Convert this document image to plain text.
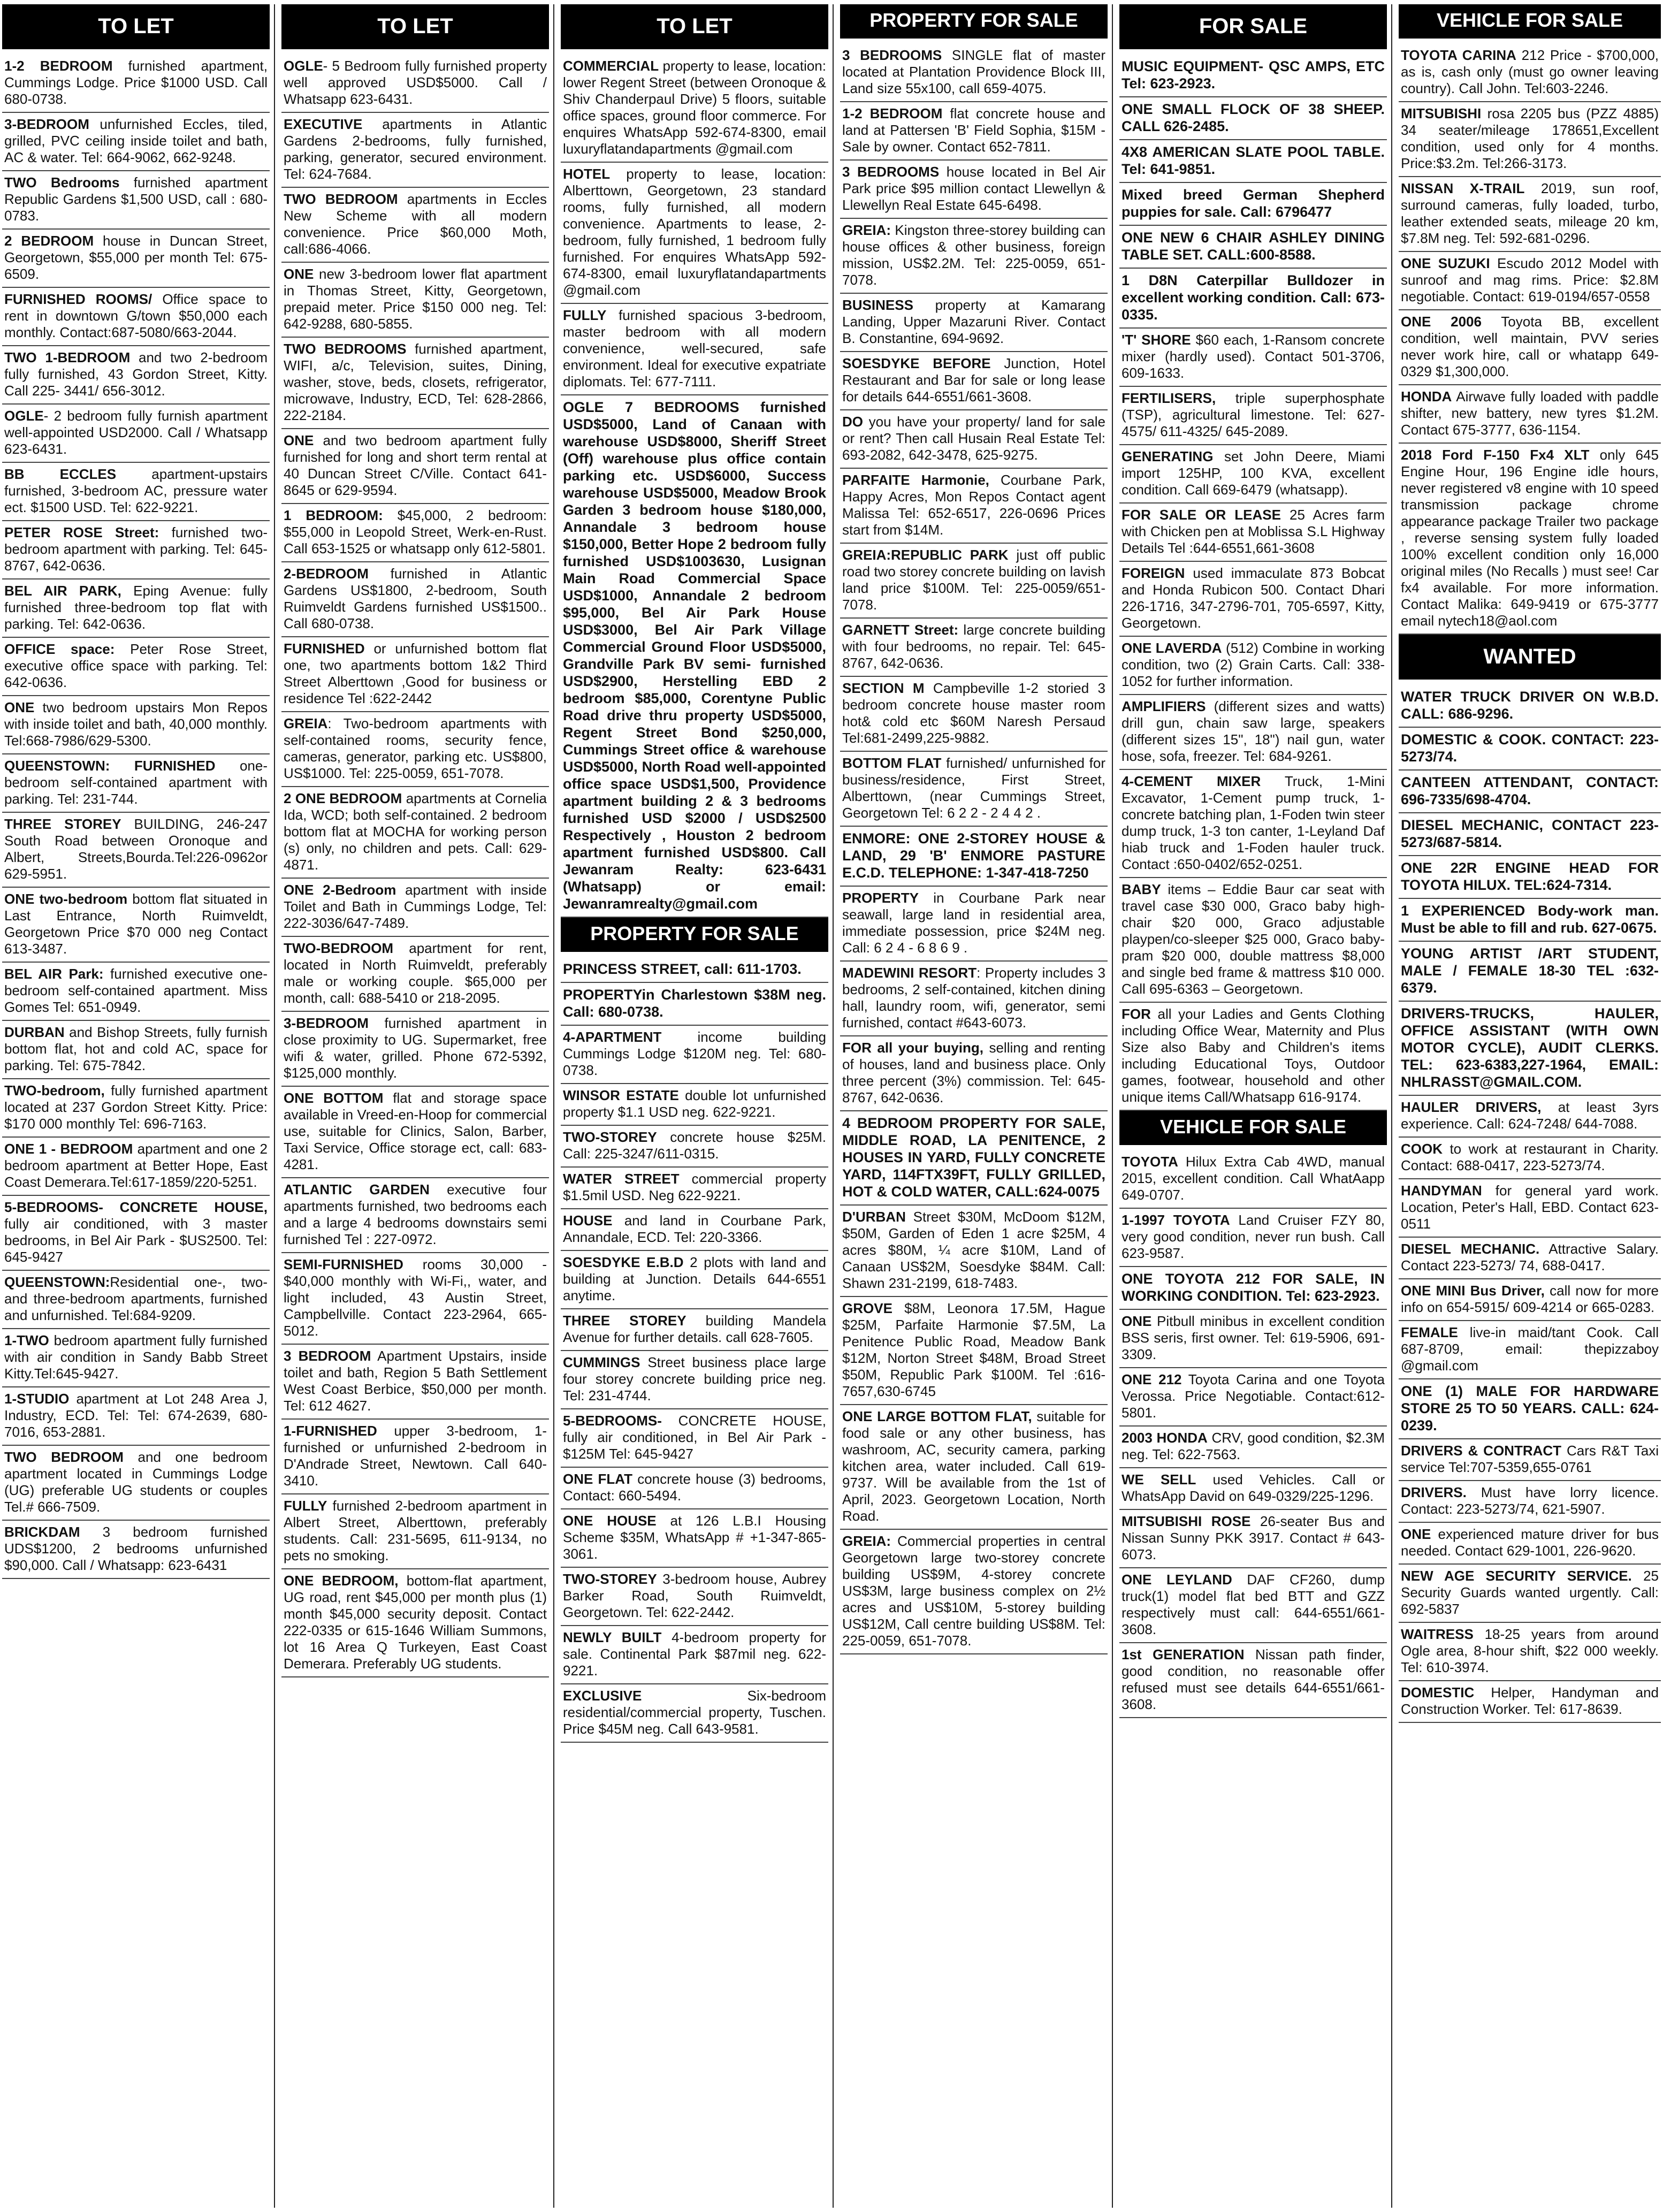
TO LET
1-2 BEDROOM furnished apartment, Cummings Lodge. Price $1000 USD. Call 680-0738.
3-BEDROOM unfurnished Eccles, tiled, grilled, PVC ceiling inside toilet and bath, AC & water. Tel: 664-9062, 662-9248.
TWO Bedrooms furnished apartment Republic Gardens $1,500 USD, call : 680-0783.
2 BEDROOM house in Duncan Street, Georgetown, $55,000 per month Tel: 675-6509.
FURNISHED ROOMS/ Office space to rent in downtown G/town $50,000 each monthly. Contact:687-5080/663-2044.
TWO 1-BEDROOM and two 2-bedroom fully furnished, 43 Gordon Street, Kitty. Call 225- 3441/ 656-3012.
OGLE- 2 bedroom fully furnish apartment well-appointed USD2000. Call / Whatsapp 623-6431.
BB ECCLES apartment-upstairs furnished, 3-bedroom AC, pressure water ect. $1500 USD. Tel: 622-9221.
PETER ROSE Street: furnished two-bedroom apartment with parking. Tel: 645-8767, 642-0636.
BEL AIR PARK, Eping Avenue: fully furnished three-bedroom top flat with parking. Tel: 642-0636.
OFFICE space: Peter Rose Street, executive office space with parking. Tel: 642-0636.
ONE two bedroom upstairs Mon Repos with inside toilet and bath, 40,000 monthly. Tel:668-7986/629-5300.
QUEENSTOWN: FURNISHED one-bedroom self-contained apartment with parking. Tel: 231-744.
THREE STOREY BUILDING, 246-247 South Road between Oronoque and Albert, Streets,Bourda.Tel:226-0962or 629-5951.
ONE two-bedroom bottom flat situated in Last Entrance, North Ruimveldt, Georgetown Price $70 000 neg Contact 613-3487.
BEL AIR Park: furnished executive one-bedroom self-contained apartment. Miss Gomes Tel: 651-0949.
DURBAN and Bishop Streets, fully furnish bottom flat, hot and cold AC, space for parking. Tel: 675-7842.
TWO-bedroom, fully furnished apartment located at 237 Gordon Street Kitty. Price: $170 000 monthly Tel: 696-7163.
ONE 1 - BEDROOM apartment and one 2 bedroom apartment at Better Hope, East Coast Demerara.Tel:617-1859/220-5251.
5-BEDROOMS- CONCRETE HOUSE, fully air conditioned, with 3 master bedrooms, in Bel Air Park - $US2500. Tel: 645-9427
QUEENSTOWN:Residential one-, two- and three-bedroom apartments, furnished and unfurnished. Tel:684-9209.
1-TWO bedroom apartment fully furnished with air condition in Sandy Babb Street Kitty.Tel:645-9427.
1-STUDIO apartment at Lot 248 Area J, Industry, ECD. Tel: Tel: 674-2639, 680-7016, 653-2881.
TWO BEDROOM and one bedroom apartment located in Cummings Lodge (UG) preferable UG students or couples Tel.# 666-7509.
BRICKDAM 3 bedroom furnished UDS$1200, 2 bedrooms unfurnished $90,000. Call / Whatsapp: 623-6431
TO LET
OGLE- 5 Bedroom fully furnished property well approved USD$5000. Call / Whatsapp 623-6431.
EXECUTIVE apartments in Atlantic Gardens 2-bedrooms, fully furnished, parking, generator, secured environment. Tel: 624-7684.
TWO BEDROOM apartments in Eccles New Scheme with all modern convenience. Price $60,000 Moth, call:686-4066.
ONE new 3-bedroom lower flat apartment in Thomas Street, Kitty, Georgetown, prepaid meter. Price $150 000 neg. Tel: 642-9288, 680-5855.
TWO BEDROOMS furnished apartment, WIFI, a/c, Television, suites, Dining, washer, stove, beds, closets, refrigerator, microwave, Industry, ECD, Tel: 628-2866, 222-2184.
ONE and two bedroom apartment fully furnished for long and short term rental at 40 Duncan Street C/Ville. Contact 641-8645 or 629-9594.
1 BEDROOM: $45,000, 2 bedroom: $55,000 in Leopold Street, Werk-en-Rust. Call 653-1525 or whatsapp only 612-5801.
2-BEDROOM furnished in Atlantic Gardens US$1800, 2-bedroom, South Ruimveldt Gardens furnished US$1500.. Call 680-0738.
FURNISHED or unfurnished bottom flat one, two apartments bottom 1&2 Third Street Alberttown ,Good for business or residence Tel :622-2442
GREIA: Two-bedroom apartments with self-contained rooms, security fence, cameras, generator, parking etc. US$800, US$1000. Tel: 225-0059, 651-7078.
2 ONE BEDROOM apartments at Cornelia Ida, WCD; both self-contained. 2 bedroom bottom flat at MOCHA for working person (s) only, no children and pets. Call: 629-4871.
ONE 2-Bedroom apartment with inside Toilet and Bath in Cummings Lodge, Tel: 222-3036/647-7489.
TWO-BEDROOM apartment for rent, located in North Ruimveldt, preferably male or working couple. $65,000 per month, call: 688-5410 or 218-2095.
3-BEDROOM furnished apartment in close proximity to UG. Supermarket, free wifi & water, grilled. Phone 672-5392, $125,000 monthly.
ONE BOTTOM flat and storage space available in Vreed-en-Hoop for commercial use, suitable for Clinics, Salon, Barber, Taxi Service, Office storage ect, call: 683-4281.
ATLANTIC GARDEN executive four apartments furnished, two bedrooms each and a large 4 bedrooms downstairs semi furnished Tel : 227-0972.
SEMI-FURNISHED rooms 30,000 - $40,000 monthly with Wi-Fi,, water, and light included, 43 Austin Street, Campbellville. Contact 223-2964, 665-5012.
3 BEDROOM Apartment Upstairs, inside toilet and bath, Region 5 Bath Settlement West Coast Berbice, $50,000 per month. Tel: 612 4627.
1-FURNISHED upper 3-bedroom, 1-furnished or unfurnished 2-bedroom in D'Andrade Street, Newtown. Call 640-3410.
FULLY furnished 2-bedroom apartment in Albert Street, Alberttown, preferably students. Call: 231-5695, 611-9134, no pets no smoking.
ONE BEDROOM, bottom-flat apartment, UG road, rent $45,000 per month plus (1) month $45,000 security deposit. Contact 222-0335 or 615-1646 William Summons, lot 16 Area Q Turkeyen, East Coast Demerara. Preferably UG students.
TO LET
COMMERCIAL property to lease, location: lower Regent Street (between Oronoque & Shiv Chanderpaul Drive) 5 floors, suitable office spaces, ground floor commerce. For enquires WhatsApp 592-674-8300, email luxuryflatandapartments @gmail.com
HOTEL property to lease, location: Alberttown, Georgetown, 23 standard rooms, fully furnished, all modern convenience. Apartments to lease, 2-bedroom, fully furnished, 1 bedroom fully furnished. For enquires WhatsApp 592-674-8300, email luxuryflatandapartments @gmail.com
FULLY furnished spacious 3-bedroom, master bedroom with all modern convenience, well-secured, safe environment. Ideal for executive expatriate diplomats. Tel: 677-7111.
OGLE 7 BEDROOMS furnished USD$5000, Land of Canaan with warehouse USD$8000, Sheriff Street (Off) warehouse plus office contain parking etc. USD$6000, Success warehouse USD$5000, Meadow Brook Garden 3 bedroom house $180,000, Annandale 3 bedroom house $150,000, Better Hope 2 bedroom fully furnished USD$1003630, Lusignan Main Road Commercial Space USD$1000, Annandale 2 bedroom $95,000, Bel Air Park House USD$3000, Bel Air Park Village Commercial Ground Floor USD$5000, Grandville Park BV semi- furnished USD$2900, Herstelling EBD 2 bedroom $85,000, Corentyne Public Road drive thru property USD$5000, Regent Street Bond $250,000, Cummings Street office & warehouse USD$5000, North Road well-appointed office space USD$1,500, Providence apartment building 2 & 3 bedrooms furnished USD $2000 / USD$2500 Respectively , Houston 2 bedroom apartment furnished USD$800. Call Jewanram Realty: 623-6431 (Whatsapp) or email: Jewanramrealty@gmail.com
PROPERTY FOR SALE
PRINCESS STREET, call: 611-1703.
PROPERTYin Charlestown $38M neg. Call: 680-0738.
4-APARTMENT income building Cummings Lodge $120M neg. Tel: 680-0738.
WINSOR ESTATE double lot unfurnished property $1.1 USD neg. 622-9221.
TWO-STOREY concrete house $25M. Call: 225-3247/611-0315.
WATER STREET commercial property $1.5mil USD. Neg 622-9221.
HOUSE and land in Courbane Park, Annandale, ECD. Tel: 220-3366.
SOESDYKE E.B.D 2 plots with land and building at Junction. Details 644-6551 anytime.
THREE STOREY building Mandela Avenue for further details. call 628-7605.
CUMMINGS Street business place large four storey concrete building price neg. Tel: 231-4744.
5-BEDROOMS- CONCRETE HOUSE, fully air conditioned, in Bel Air Park - $125M Tel: 645-9427
ONE FLAT concrete house (3) bedrooms, Contact: 660-5494.
ONE HOUSE at 126 L.B.I Housing Scheme $35M, WhatsApp # +1-347-865-3061.
TWO-STOREY 3-bedroom house, Aubrey Barker Road, South Ruimveldt, Georgetown. Tel: 622-2442.
NEWLY BUILT 4-bedroom property for sale. Continental Park $87mil neg. 622-9221.
EXCLUSIVE Six-bedroom residential/commercial property, Tuschen. Price $45M neg. Call 643-9581.
PROPERTY FOR SALE
3 BEDROOMS SINGLE flat of master located at Plantation Providence Block III, Land size 55x100, call 659-4075.
1-2 BEDROOM flat concrete house and land at Pattersen 'B' Field Sophia, $15M - Sale by owner. Contact 652-7811.
3 BEDROOMS house located in Bel Air Park price $95 million contact Llewellyn & Llewellyn Real Estate 645-6498.
GREIA: Kingston three-storey building can house offices & other business, foreign mission, US$2.2M. Tel: 225-0059, 651-7078.
BUSINESS property at Kamarang Landing, Upper Mazaruni River. Contact B. Constantine, 694-9692.
SOESDYKE BEFORE Junction, Hotel Restaurant and Bar for sale or long lease for details 644-6551/661-3608.
DO you have your property/ land for sale or rent? Then call Husain Real Estate Tel: 693-2082, 642-3478, 625-9275.
PARFAITE Harmonie, Courbane Park, Happy Acres, Mon Repos Contact agent Malissa Tel: 652-6517, 226-0696 Prices start from $14M.
GREIA:REPUBLIC PARK just off public road two storey concrete building on lavish land price $100M. Tel: 225-0059/651-7078.
GARNETT Street: large concrete building with four bedrooms, no repair. Tel: 645-8767, 642-0636.
SECTION M Campbeville 1-2 storied 3 bedroom concrete house master room hot& cold etc $60M Naresh Persaud Tel:681-2499,225-9882.
BOTTOM FLAT furnished/ unfurnished for business/residence, First Street, Alberttown, (near Cummings Street, Georgetown Tel: 6 2 2 - 2 4 4 2 .
ENMORE: ONE 2-STOREY HOUSE & LAND, 29 'B' ENMORE PASTURE E.C.D. TELEPHONE: 1-347-418-7250
PROPERTY in Courbane Park near seawall, large land in residential area, immediate possession, price $24M neg. Call: 6 2 4 - 6 8 6 9 .
MADEWINI RESORT: Property includes 3 bedrooms, 2 self-contained, kitchen dining hall, laundry room, wifi, generator, semi furnished, contact #643-6073.
FOR all your buying, selling and renting of houses, land and business place. Only three percent (3%) commission. Tel: 645-8767, 642-0636.
4 BEDROOM PROPERTY FOR SALE, MIDDLE ROAD, LA PENITENCE, 2 HOUSES IN YARD, FULLY CONCRETE YARD, 114FTX39FT, FULLY GRILLED, HOT & COLD WATER, CALL:624-0075
D'URBAN Street $30M, McDoom $12M, $50M, Garden of Eden 1 acre $25M, 4 acres $80M, ¼ acre $10M, Land of Canaan US$2M, Soesdyke $84M. Call: Shawn 231-2199, 618-7483.
GROVE $8M, Leonora 17.5M, Hague $25M, Parfaite Harmonie $7.5M, La Penitence Public Road, Meadow Bank $12M, Norton Street $48M, Broad Street $50M, Republic Park $100M. Tel :616-7657,630-6745
ONE LARGE BOTTOM FLAT, suitable for food sale or any other business, has washroom, AC, security camera, parking kitchen area, water included. Call 619-9737. Will be available from the 1st of April, 2023. Georgetown Location, North Road.
GREIA: Commercial properties in central Georgetown large two-storey concrete building US$9M, 4-storey concrete US$3M, large business complex on 2½ acres and US$10M, 5-storey building US$12M, Call centre building US$8M. Tel: 225-0059, 651-7078.
FOR SALE
MUSIC EQUIPMENT- QSC AMPS, ETC Tel: 623-2923.
ONE SMALL FLOCK OF 38 SHEEP. CALL 626-2485.
4X8 AMERICAN SLATE POOL TABLE. Tel: 641-9851.
Mixed breed German Shepherd puppies for sale. Call: 6796477
ONE NEW 6 CHAIR ASHLEY DINING TABLE SET. CALL:600-8588.
1 D8N Caterpillar Bulldozer in excellent working condition. Call: 673-0335.
'T' SHORE $60 each, 1-Ransom concrete mixer (hardly used). Contact 501-3706, 609-1633.
FERTILISERS, triple superphosphate (TSP), agricultural limestone. Tel: 627-4575/ 611-4325/ 645-2089.
GENERATING set John Deere, Miami import 125HP, 100 KVA, excellent condition. Call 669-6479 (whatsapp).
FOR SALE OR LEASE 25 Acres farm with Chicken pen at Moblissa S.L Highway Details Tel :644-6551,661-3608
FOREIGN used immaculate 873 Bobcat and Honda Rubicon 500. Contact Dhari 226-1716, 347-2796-701, 705-6597, Kitty, Georgetown.
ONE LAVERDA (512) Combine in working condition, two (2) Grain Carts. Call: 338-1052 for further information.
AMPLIFIERS (different sizes and watts) drill gun, chain saw large, speakers (different sizes 15", 18") nail gun, water hose, sofa, freezer. Tel: 684-9261.
4-CEMENT MIXER Truck, 1-Mini Excavator, 1-Cement pump truck, 1-concrete batching plan, 1-Foden twin steer dump truck, 1-3 ton canter, 1-Leyland Daf hiab truck and 1-Foden hauler truck. Contact :650-0402/652-0251.
BABY items – Eddie Baur car seat with travel case $30 000, Graco baby high-chair $20 000, Graco adjustable playpen/co-sleeper $25 000, Graco baby-pram $20 000, double mattress $8,000 and single bed frame & mattress $10 000. Call 695-6363 – Georgetown.
FOR all your Ladies and Gents Clothing including Office Wear, Maternity and Plus Size also Baby and Children's items including Educational Toys, Outdoor games, footwear, household and other unique items Call/Whatsapp 616-9174.
VEHICLE FOR SALE
TOYOTA Hilux Extra Cab 4WD, manual 2015, excellent condition. Call WhatAapp 649-0707.
1-1997 TOYOTA Land Cruiser FZY 80, very good condition, never run bush. Call 623-9587.
ONE TOYOTA 212 FOR SALE, IN WORKING CONDITION. Tel: 623-2923.
ONE Pitbull minibus in excellent condition BSS seris, first owner. Tel: 619-5906, 691-3309.
ONE 212 Toyota Carina and one Toyota Verossa. Price Negotiable. Contact:612-5801.
2003 HONDA CRV, good condition, $2.3M neg. Tel: 622-7563.
WE SELL used Vehicles. Call or WhatsApp David on 649-0329/225-1296.
MITSUBISHI ROSE 26-seater Bus and Nissan Sunny PKK 3917. Contact # 643-6073.
ONE LEYLAND DAF CF260, dump truck(1) model flat bed BTT and GZZ respectively must call: 644-6551/661-3608.
1st GENERATION Nissan path finder, good condition, no reasonable offer refused must see details 644-6551/661-3608.
VEHICLE FOR SALE
TOYOTA CARINA 212 Price - $700,000, as is, cash only (must go owner leaving country). Call John. Tel:603-2246.
MITSUBISHI rosa 2205 bus (PZZ 4885) 34 seater/mileage 178651,Excellent condition, used only for 4 months. Price:$3.2m. Tel:266-3173.
NISSAN X-TRAIL 2019, sun roof, surround cameras, fully loaded, turbo, leather extended seats, mileage 20 km, $7.8M neg. Tel: 592-681-0296.
ONE SUZUKI Escudo 2012 Model with sunroof and mag rims. Price: $2.8M negotiable. Contact: 619-0194/657-0558
ONE 2006 Toyota BB, excellent condition, well maintain, PVV series never work hire, call or whatapp 649-0329 $1,300,000.
HONDA Airwave fully loaded with paddle shifter, new battery, new tyres $1.2M. Contact 675-3777, 636-1154.
2018 Ford F-150 Fx4 XLT only 645 Engine Hour, 196 Engine idle hours, never registered v8 engine with 10 speed transmission package chrome appearance package Trailer two package , reverse sensing system fully loaded 100% excellent condition only 16,000 original miles (No Recalls ) must see! Car fx4 available. For more information. Contact Malika: 649-9419 or 675-3777 email nytech18@aol.com
WANTED
WATER TRUCK DRIVER ON W.B.D. CALL: 686-9296.
DOMESTIC & COOK. CONTACT: 223-5273/74.
CANTEEN ATTENDANT, CONTACT: 696-7335/698-4704.
DIESEL MECHANIC, CONTACT 223-5273/687-5814.
ONE 22R ENGINE HEAD FOR TOYOTA HILUX. TEL:624-7314.
1 EXPERIENCED Body-work man. Must be able to fill and rub. 627-0675.
YOUNG ARTIST /ART STUDENT, MALE / FEMALE 18-30 TEL :632-6379.
DRIVERS-TRUCKS, HAULER, OFFICE ASSISTANT (WITH OWN MOTOR CYCLE), AUDIT CLERKS. TEL: 623-6383,227-1964, EMAIL: NHLRASST@GMAIL.COM.
HAULER DRIVERS, at least 3yrs experience. Call: 624-7248/ 644-7088.
COOK to work at restaurant in Charity. Contact: 688-0417, 223-5273/74.
HANDYMAN for general yard work. Location, Peter's Hall, EBD. Contact 623-0511
DIESEL MECHANIC. Attractive Salary. Contact 223-5273/ 74, 688-0417.
ONE MINI Bus Driver, call now for more info on 654-5915/ 609-4214 or 665-0283.
FEMALE live-in maid/tant Cook. Call 687-8709, email: thepizzaboy @gmail.com
ONE (1) MALE FOR HARDWARE STORE 25 TO 50 YEARS. CALL: 624-0239.
DRIVERS & CONTRACT Cars R&T Taxi service Tel:707-5359,655-0761
DRIVERS. Must have lorry licence. Contact: 223-5273/74, 621-5907.
ONE experienced mature driver for bus needed. Contact 629-1001, 226-9620.
NEW AGE SECURITY SERVICE. 25 Security Guards wanted urgently. Call: 692-5837
WAITRESS 18-25 years from around Ogle area, 8-hour shift, $22 000 weekly. Tel: 610-3974.
DOMESTIC Helper, Handyman and Construction Worker. Tel: 617-8639.
